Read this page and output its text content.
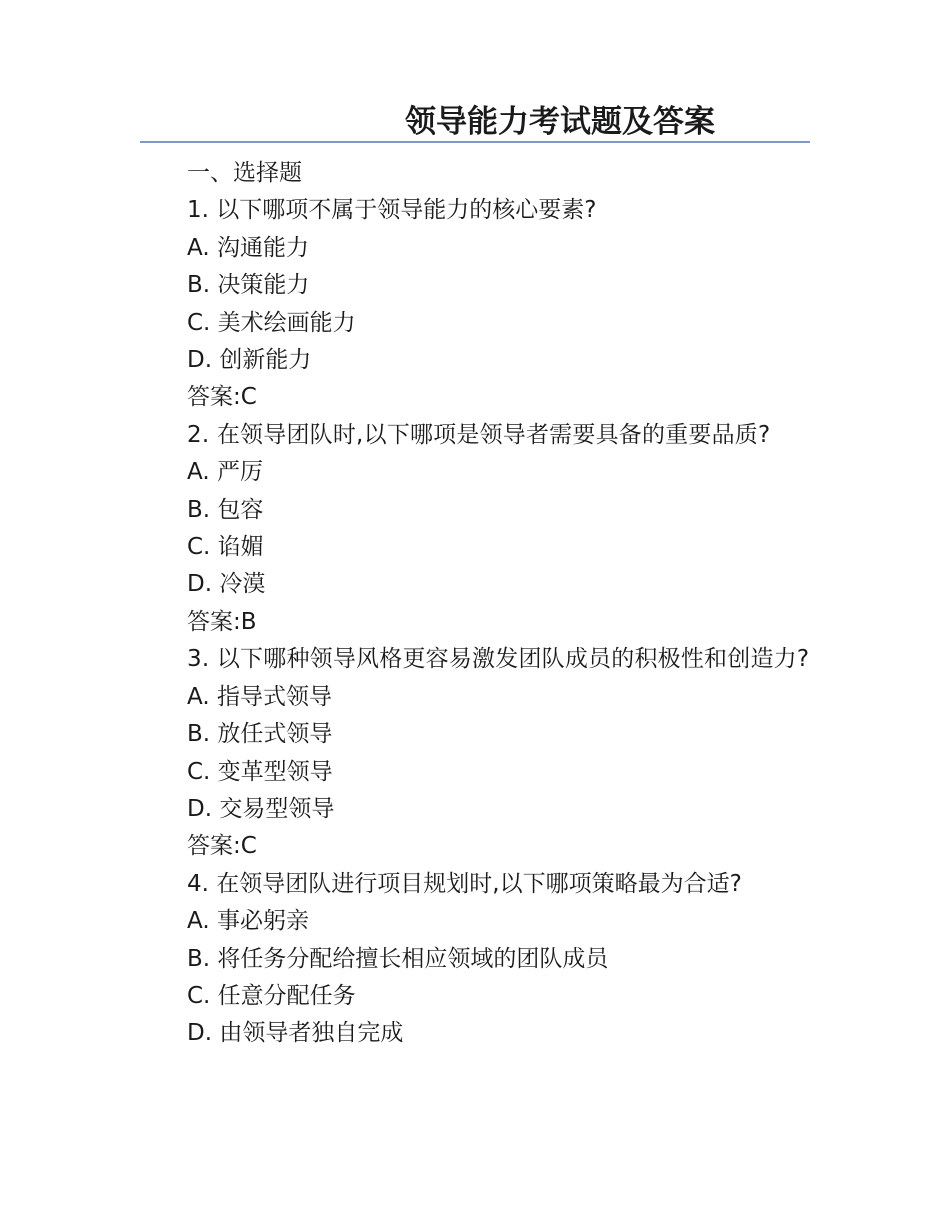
领导能力考试题及答案
一、选择题
1. 以下哪项不属于领导能力的核心要素?
A. 沟通能力
B. 决策能力
C. 美术绘画能力
D. 创新能力
答案:C
2. 在领导团队时,以下哪项是领导者需要具备的重要品质?
A. 严厉
B. 包容
C. 谄媚
D. 冷漠
答案:B
3. 以下哪种领导风格更容易激发团队成员的积极性和创造力?
A. 指导式领导
B. 放任式领导
C. 变革型领导
D. 交易型领导
答案:C
4. 在领导团队进行项目规划时,以下哪项策略最为合适?
A. 事必躬亲
B. 将任务分配给擅长相应领域的团队成员
C. 任意分配任务
D. 由领导者独自完成
